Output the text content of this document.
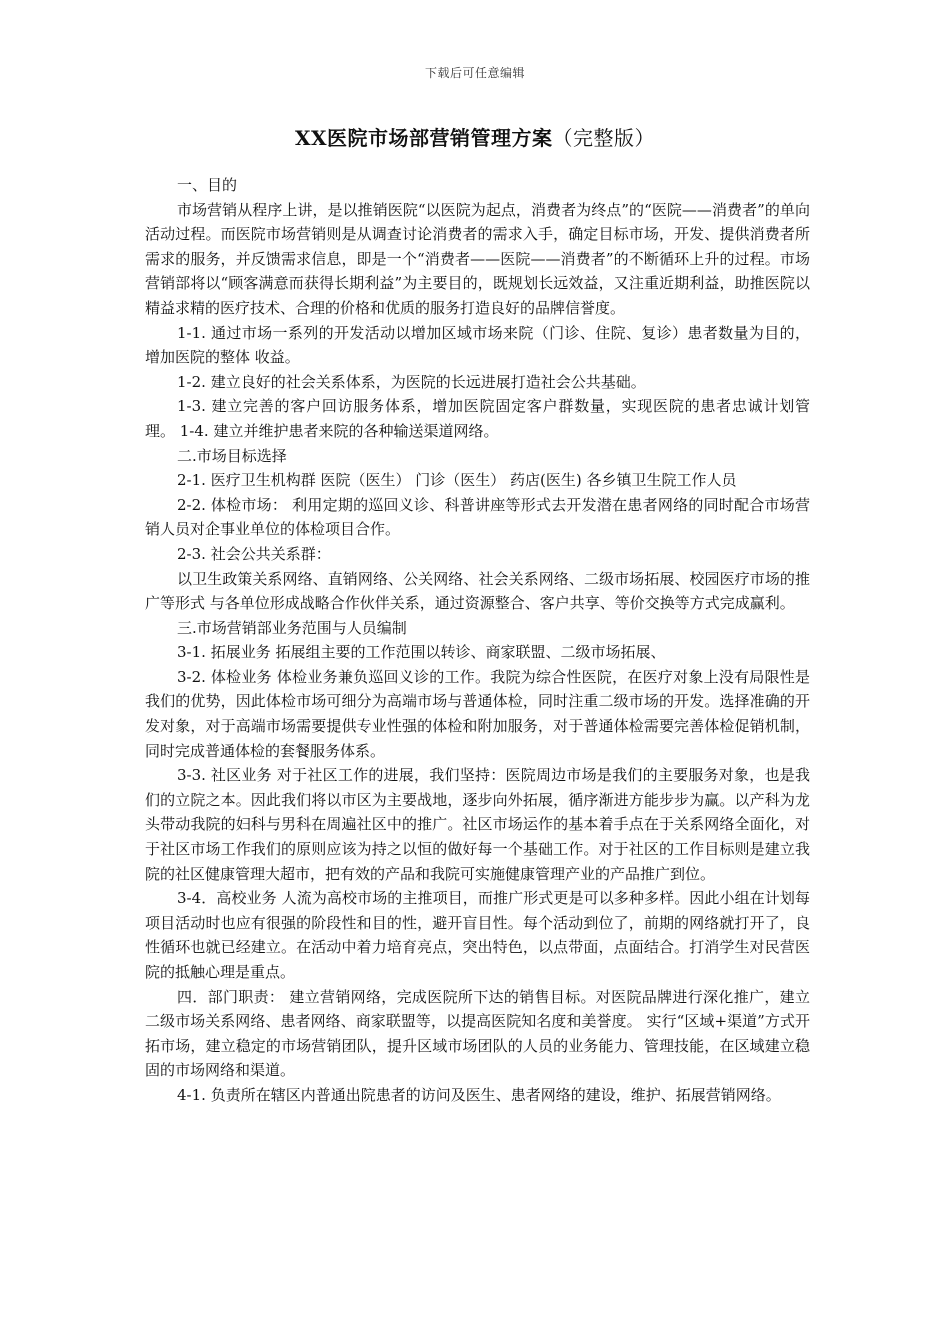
下载后可任意编辑
XX医院市场部营销管理方案（完整版）

一、目的

市场营销从程序上讲，是以推销医院“以医院为起点，消费者为终点”的“医院——消费者”的单向活动过程。而医院市场营销则是从调查讨论消费者的需求入手，确定目标市场，开发、提供消费者所需求的服务，并反馈需求信息，即是一个“消费者——医院——消费者”的不断循环上升的过程。市场营销部将以“顾客满意而获得长期利益”为主要目的，既规划长远效益，又注重近期利益，助推医院以精益求精的医疗技术、合理的价格和优质的服务打造良好的品牌信誉度。

1-1. 通过市场一系列的开发活动以增加区域市场来院（门诊、住院、复诊）患者数量为目的，增加医院的整体 收益。

1-2. 建立良好的社会关系体系，为医院的长远进展打造社会公共基础。

1-3. 建立完善的客户回访服务体系，增加医院固定客户群数量，实现医院的患者忠诚计划管理。 1-4. 建立并维护患者来院的各种输送渠道网络。

二.市场目标选择

2-1. 医疗卫生机构群 医院（医生） 门诊（医生） 药店(医生) 各乡镇卫生院工作人员

2-2. 体检市场： 利用定期的巡回义诊、科普讲座等形式去开发潜在患者网络的同时配合市场营销人员对企事业单位的体检项目合作。

2-3. 社会公共关系群：

以卫生政策关系网络、直销网络、公关网络、社会关系网络、二级市场拓展、校园医疗市场的推广等形式 与各单位形成战略合作伙伴关系，通过资源整合、客户共享、等价交换等方式完成赢利。

三.市场营销部业务范围与人员编制

3-1. 拓展业务 拓展组主要的工作范围以转诊、商家联盟、二级市场拓展、

3-2. 体检业务 体检业务兼负巡回义诊的工作。我院为综合性医院，在医疗对象上没有局限性是我们的优势，因此体检市场可细分为高端市场与普通体检，同时注重二级市场的开发。选择准确的开发对象，对于高端市场需要提供专业性强的体检和附加服务，对于普通体检需要完善体检促销机制，同时完成普通体检的套餐服务体系。

3-3. 社区业务 对于社区工作的进展，我们坚持：医院周边市场是我们的主要服务对象，也是我们的立院之本。因此我们将以市区为主要战地，逐步向外拓展，循序渐进方能步步为赢。以产科为龙头带动我院的妇科与男科在周遍社区中的推广。社区市场运作的基本着手点在于关系网络全面化，对于社区市场工作我们的原则应该为持之以恒的做好每一个基础工作。对于社区的工作目标则是建立我院的社区健康管理大超市，把有效的产品和我院可实施健康管理产业的产品推广到位。

3-4．高校业务 人流为高校市场的主推项目，而推广形式更是可以多种多样。因此小组在计划每项目活动时也应有很强的阶段性和目的性，避开盲目性。每个活动到位了，前期的网络就打开了，良性循环也就已经建立。在活动中着力培育亮点，突出特色，以点带面，点面结合。打消学生对民营医院的抵触心理是重点。

四．部门职责： 建立营销网络，完成医院所下达的销售目标。对医院品牌进行深化推广，建立二级市场关系网络、患者网络、商家联盟等，以提高医院知名度和美誉度。 实行“区域+渠道”方式开拓市场，建立稳定的市场营销团队，提升区域市场团队的人员的业务能力、管理技能，在区域建立稳固的市场网络和渠道。

4-1. 负责所在辖区内普通出院患者的访问及医生、患者网络的建设，维护、拓展营销网络。
